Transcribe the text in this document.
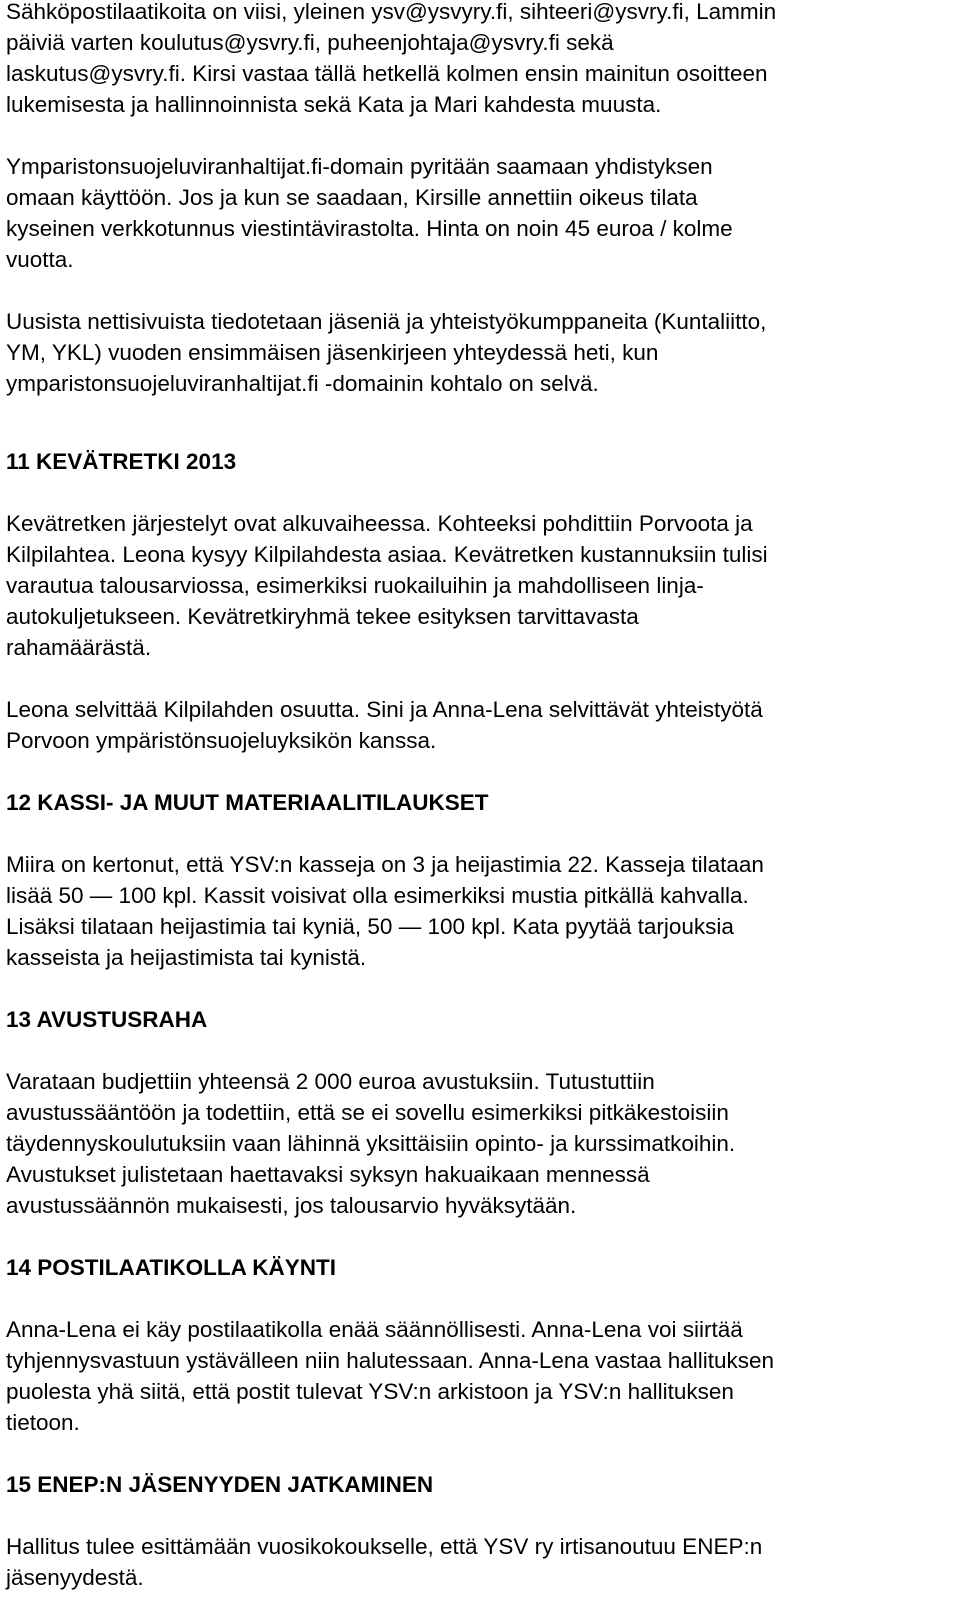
Sähköpostilaatikoita on viisi, yleinen ysv@ysvyry.fi, sihteeri@ysvry.fi, Lammin
päiviä varten koulutus@ysvry.fi, puheenjohtaja@ysvry.fi sekä
laskutus@ysvry.fi. Kirsi vastaa tällä hetkellä kolmen ensin mainitun osoitteen
lukemisesta ja hallinnoinnista sekä Kata ja Mari kahdesta muusta.
Ymparistonsuojeluviranhaltijat.fi-domain pyritään saamaan yhdistyksen
omaan käyttöön. Jos ja kun se saadaan, Kirsille annettiin oikeus tilata
kyseinen verkkotunnus viestintävirastolta. Hinta on noin 45 euroa / kolme
vuotta.
Uusista nettisivuista tiedotetaan jäseniä ja yhteistyökumppaneita (Kuntaliitto,
YM, YKL) vuoden ensimmäisen jäsenkirjeen yhteydessä heti, kun
ymparistonsuojeluviranhaltijat.fi -domainin kohtalo on selvä.
11 KEVÄTRETKI 2013
Kevätretken järjestelyt ovat alkuvaiheessa. Kohteeksi pohdittiin Porvoota ja
Kilpilahtea. Leona kysyy Kilpilahdesta asiaa. Kevätretken kustannuksiin tulisi
varautua talousarviossa, esimerkiksi ruokailuihin ja mahdolliseen linja-
autokuljetukseen. Kevätretkiryhmä tekee esityksen tarvittavasta
rahamäärästä.
Leona selvittää Kilpilahden osuutta. Sini ja Anna-Lena selvittävät yhteistyötä
Porvoon ympäristönsuojeluyksikön kanssa.
12 KASSI- JA MUUT MATERIAALITILAUKSET
Miira on kertonut, että YSV:n kasseja on 3 ja heijastimia 22. Kasseja tilataan
lisää 50 — 100 kpl. Kassit voisivat olla esimerkiksi mustia pitkällä kahvalla.
Lisäksi tilataan heijastimia tai kyniä, 50 — 100 kpl. Kata pyytää tarjouksia
kasseista ja heijastimista tai kynistä.
13 AVUSTUSRAHA
Varataan budjettiin yhteensä 2 000 euroa avustuksiin. Tutustuttiin
avustussääntöön ja todettiin, että se ei sovellu esimerkiksi pitkäkestoisiin
täydennyskoulutuksiin vaan lähinnä yksittäisiin opinto- ja kurssimatkoihin.
Avustukset julistetaan haettavaksi syksyn hakuaikaan mennessä
avustussäännön mukaisesti, jos talousarvio hyväksytään.
14 POSTILAATIKOLLA KÄYNTI
Anna-Lena ei käy postilaatikolla enää säännöllisesti. Anna-Lena voi siirtää
tyhjennysvastuun ystävälleen niin halutessaan. Anna-Lena vastaa hallituksen
puolesta yhä siitä, että postit tulevat YSV:n arkistoon ja YSV:n hallituksen
tietoon.
15 ENEP:N JÄSENYYDEN JATKAMINEN
Hallitus tulee esittämään vuosikokoukselle, että YSV ry irtisanoutuu ENEP:n
jäsenyydestä.
